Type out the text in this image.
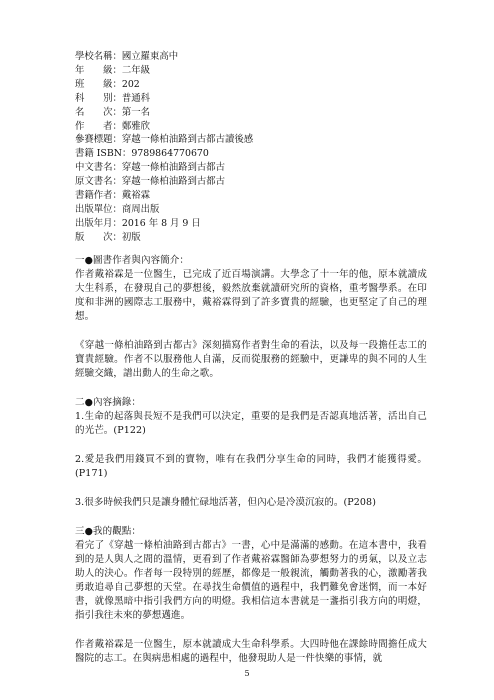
學校名稱：國立羅東高中
年　　級：二年級
班　　級：202
科　　別：普通科
名　　次：第一名
作　　者：鄭雅欣
參賽標題：穿越一條柏油路到古都古讀後感
書籍 ISBN：9789864770670
中文書名：穿越一條柏油路到古都古
原文書名：穿越一條柏油路到古都古
書籍作者：戴裕霖
出版單位：商周出版
出版年月：2016 年 8 月 9 日
版　　次：初版

一●圖書作者與內容簡介：

作者戴裕霖是一位醫生，已完成了近百場演講。大學念了十一年的他，原本就讀成大生科系，在發現自己的夢想後，毅然放棄就讀研究所的資格，重考醫學系。在印度和非洲的國際志工服務中，戴裕霖得到了許多寶貴的經驗，也更堅定了自己的理想。

《穿越一條柏油路到古都古》深刻描寫作者對生命的看法，以及每一段擔任志工的寶貴經驗。作者不以服務他人自滿，反而從服務的經驗中，更謙卑的與不同的人生經驗交織，譜出動人的生命之歌。

二●內容摘錄：

1.生命的起落與長短不是我們可以決定，重要的是我們是否認真地活著，活出自己的光芒。(P122)

2.愛是我們用錢買不到的寶物，唯有在我們分享生命的同時，我們才能獲得愛。(P171)

3.很多時候我們只是讓身體忙碌地活著，但內心是冷漠沉寂的。(P208)

三●我的觀點：

看完了《穿越一條柏油路到古都古》一書，心中是滿滿的感動。在這本書中，我看到的是人與人之間的溫情，更看到了作者戴裕霖醫師為夢想努力的勇氣，以及立志助人的決心。作者每一段特別的經歷，都像是一般親流，觸動著我的心，激勵著我勇敢追尋自己夢想的天堂。在尋找生命價值的過程中，我們難免會迷惘，而一本好書，就像黑暗中指引我們方向的明燈。我相信這本書就是一盞指引我方向的明燈，指引我往未來的夢想邁進。

作者戴裕霖是一位醫生，原本就讀成大生命科學系。大四時他在課餘時間擔任成大醫院的志工。在與病患相處的過程中，他發現助人是一件快樂的事情，就

5
